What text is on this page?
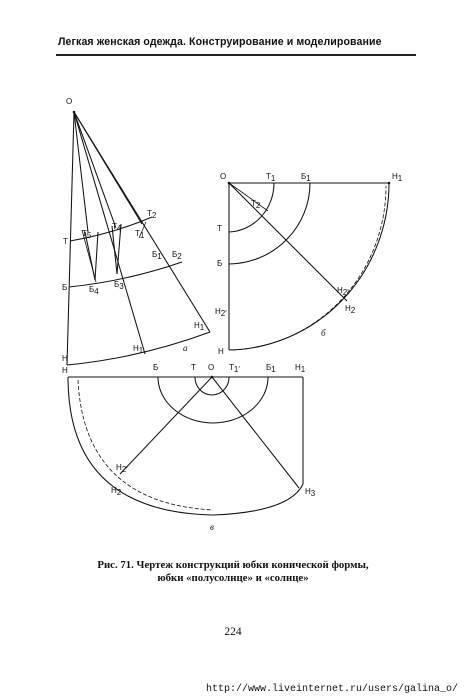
Легкая женская одежда. Конструирование и моделирование
О
Т
Т5
Т4
Т1
Т2
Б	Б4
Б3
Б1 Б2
Н
Н1
Н1	а
О	Т1	Б1	Н1
Т2
Т
Б
Н2'
Н2
Н2'
Н
б
Н	Б	Т О Т1'	Б1 Н1
Н2'
Н2	Н3
в
Рис. 71. Чертеж конструкций юбки конической формы,
юбки «полусолнце» и «солнце»
224
http://www.liveinternet.ru/users/galina_o/
